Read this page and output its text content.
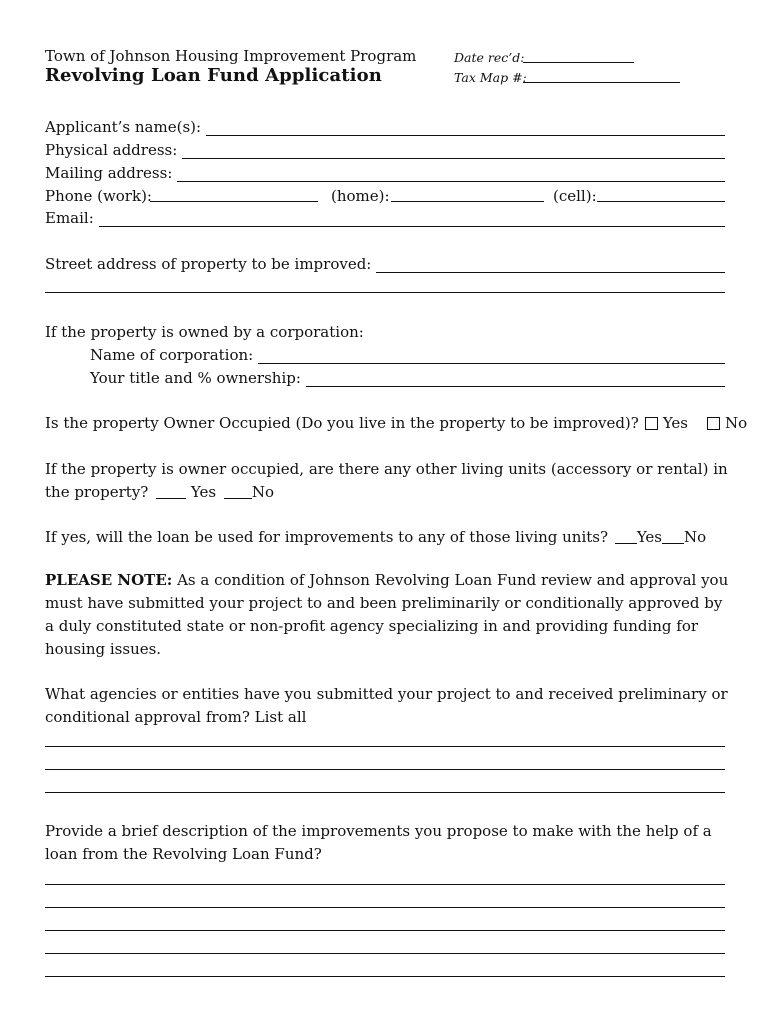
Town of Johnson Housing Improvement Program
Revolving Loan Fund Application
Date rec’d:
Tax Map #:
Applicant’s name(s):
Physical address:
Mailing address:
Phone (work):	(home):	(cell):
Email:
Street address of property to be improved:
If the property is owned by a corporation:
Name of corporation:
Your title and % ownership:
Is the property Owner Occupied (Do you live in the property to be improved)? Yes No
If the property is owner occupied, are there any other living units (accessory or rental) in
the property?	Yes No
If yes, will the loan be used for improvements to any of those living units? Yes No
PLEASE NOTE: As a condition of Johnson Revolving Loan Fund review and approval you must have submitted your project to and been preliminarily or conditionally approved by a duly constituted state or non-profit agency specializing in and providing funding for housing issues.
What agencies or entities have you submitted your project to and received preliminary or conditional approval from? List all
Provide a brief description of the improvements you propose to make with the help of a loan from the Revolving Loan Fund?
